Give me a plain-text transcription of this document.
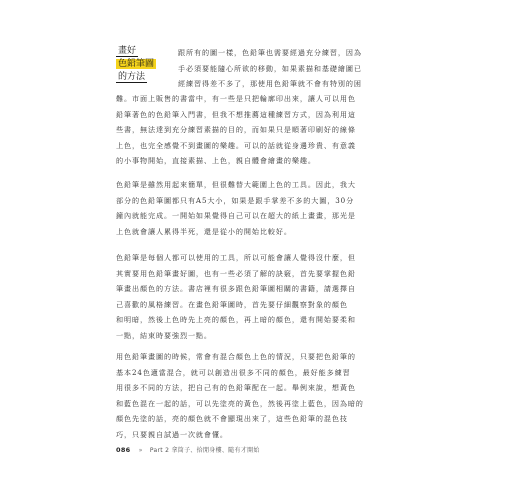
畫好
色鉛筆圖
的方法
跟所有的圖一樣，色鉛筆也需要經過充分練習，因為
手必須要能隨心所欲的移動，如果素描和基礎繪圖已
經練習得差不多了，那使用色鉛筆就不會有特別的困
難。市面上販售的書當中，有一些是只把輪廓印出來，讓人可以用色
鉛筆著色的色鉛筆入門書，但我不想推薦這種練習方式，因為利用這
些書，無法達到充分練習素描的目的，而如果只是順著印刷好的線條
上色，也完全感覺不到畫圖的樂趣。可以的話就從身邊珍貴、有意義
的小事物開始，直接素描、上色，親自體會繪畫的樂趣。
色鉛筆是雖然用起來簡單，但很難替大範圍上色的工具。因此，我大
部分的色鉛筆圖都只有A5大小，如果是跟手掌差不多的大圖，30分
鐘內就能完成。一開始如果覺得自己可以在超大的紙上畫畫，那光是
上色就會讓人累得半死，還是從小的開始比較好。
色鉛筆是每個人都可以使用的工具，所以可能會讓人覺得沒什麼，但
其實要用色鉛筆畫好圖，也有一些必須了解的訣竅，首先要掌握色鉛
筆畫出顏色的方法。書店裡有很多跟色鉛筆圖相關的書籍，請選擇自
己喜歡的風格練習。在畫色鉛筆圖時，首先要仔細觀察對象的顏色
和明暗，然後上色時先上亮的顏色，再上暗的顏色，還有開始要柔和
一點，結束時要強烈一點。
用色鉛筆畫圖的時候，常會有混合顏色上色的情況，只要把色鉛筆的
基本24色適當混合，就可以創造出很多不同的顏色，最好能多練習
用很多不同的方法，把自己有的色鉛筆配在一起。舉例來說，想黃色
和藍色混在一起的話，可以先塗亮的黃色，然後再塗上藍色，因為暗的
顏色先塗的話，亮的顏色就不會顯現出來了，這些色鉛筆的混色技
巧，只要親自試過一次就會懂。
086 » Part 2 拿筒子、拾閒身樓、隨有才開始
